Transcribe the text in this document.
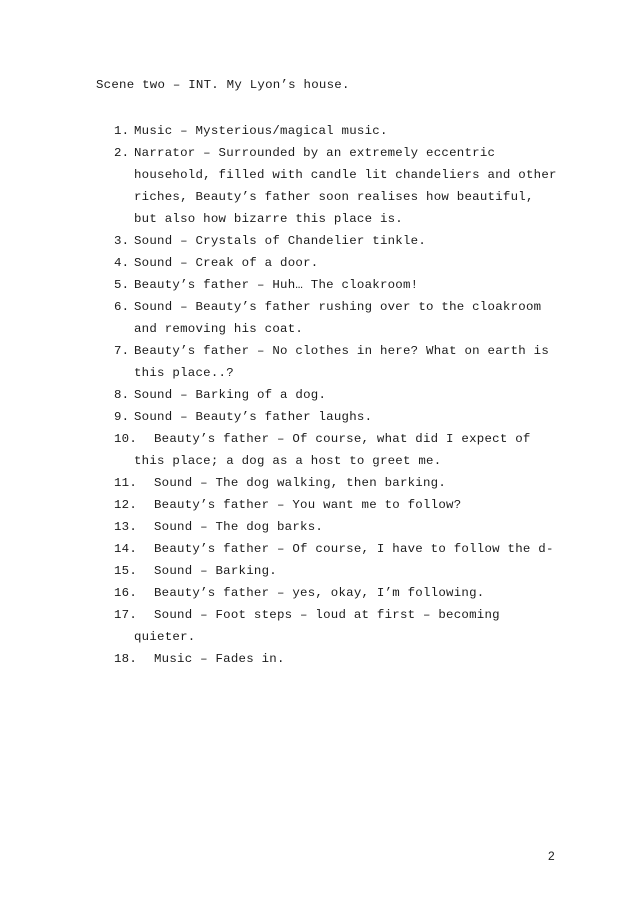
Scene two – INT. My Lyon’s house.

1. Music – Mysterious/magical music.
2. Narrator – Surrounded by an extremely eccentric
household, filled with candle lit chandeliers and other
riches, Beauty’s father soon realises how beautiful,
but also how bizarre this place is.
3. Sound – Crystals of Chandelier tinkle.
4. Sound – Creak of a door.
5. Beauty’s father – Huh… The cloakroom!
6. Sound – Beauty’s father rushing over to the cloakroom
and removing his coat.
7. Beauty’s father – No clothes in here? What on earth is
this place..?
8. Sound – Barking of a dog.
9. Sound – Beauty’s father laughs.
10. Beauty’s father – Of course, what did I expect of
this place; a dog as a host to greet me.
11. Sound – The dog walking, then barking.
12. Beauty’s father – You want me to follow?
13. Sound – The dog barks.
14. Beauty’s father – Of course, I have to follow the d-
15. Sound – Barking.
16. Beauty’s father – yes, okay, I’m following.
17. Sound – Foot steps – loud at first – becoming
quieter.
18. Music – Fades in.
2
